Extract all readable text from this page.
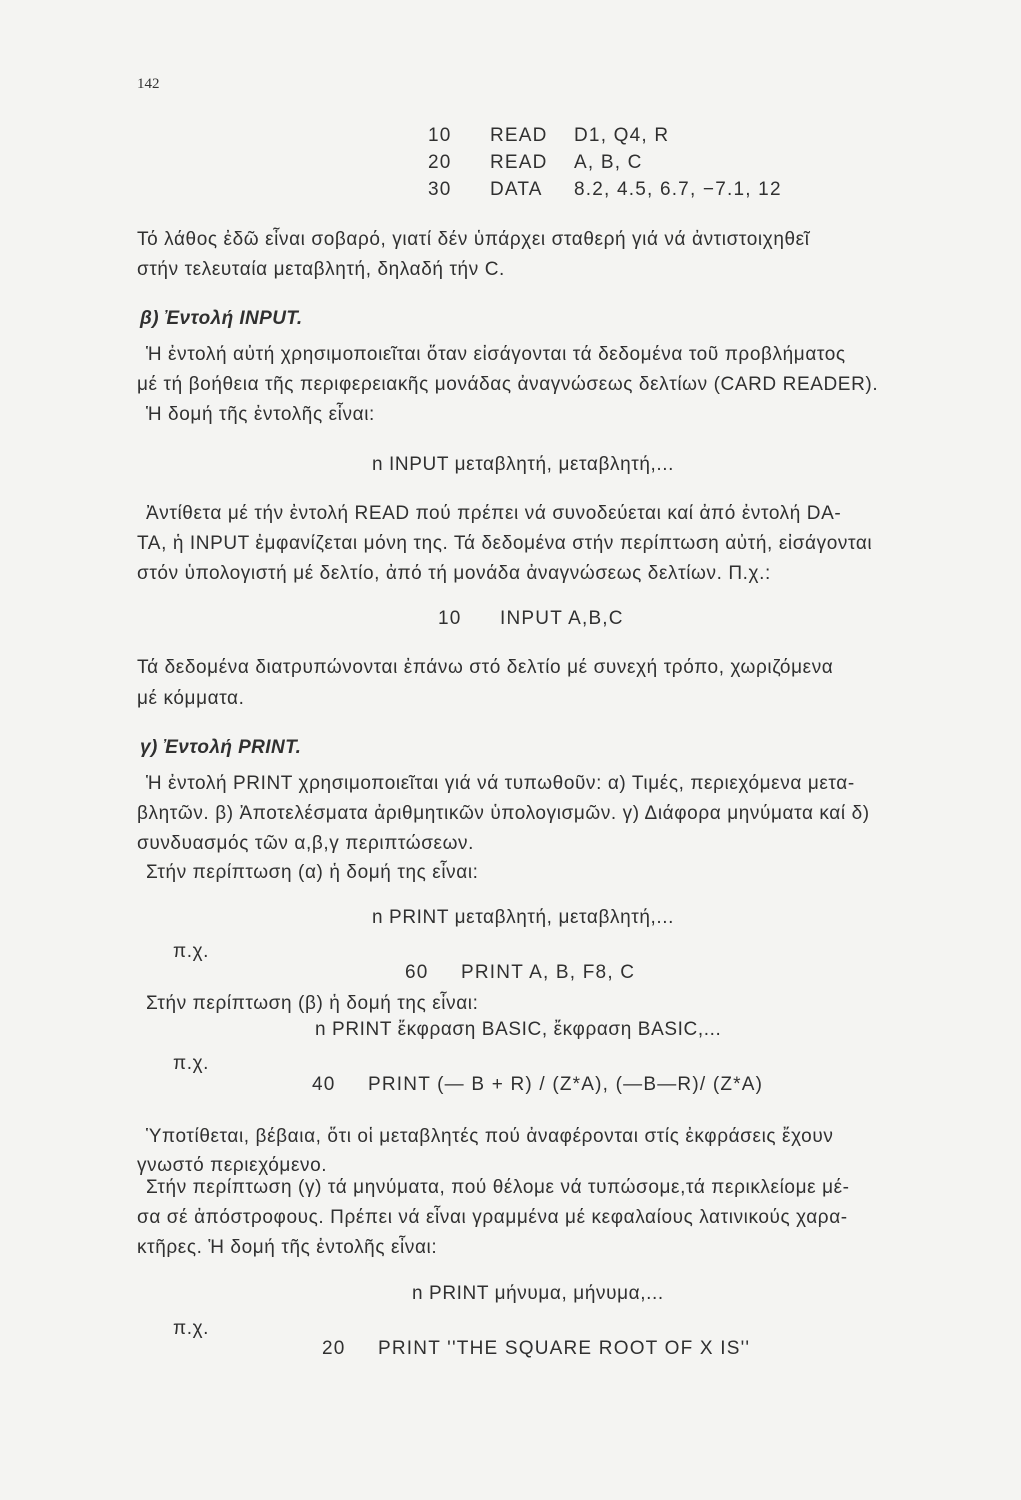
142
10 READ D1, Q4, R
20 READ A, B, C
30 DATA 8.2, 4.5, 6.7, −7.1, 12
Τό λάθος ἐδῶ εἶναι σοβαρό, γιατί δέν ὑπάρχει σταθερή γιά νά ἀντιστοιχηθεῖ
στήν τελευταία μεταβλητή, δηλαδή τήν C.
β) Ἐντολή INPUT.
Ἡ ἐντολή αὐτή χρησιμοποιεῖται ὅταν εἰσάγονται τά δεδομένα τοῦ προβλήματος
μέ τή βοήθεια τῆς περιφερειακῆς μονάδας ἀναγνώσεως δελτίων (CARD READER).
Ἡ δομή τῆς ἐντολῆς εἶναι:
n INPUT μεταβλητή, μεταβλητή,...
Ἀντίθετα μέ τήν ἐντολή READ πού πρέπει νά συνοδεύεται καί ἀπό ἐντολή DA-
TA, ἡ INPUT ἐμφανίζεται μόνη της. Τά δεδομένα στήν περίπτωση αὐτή, εἰσάγονται
στόν ὑπολογιστή μέ δελτίο, ἀπό τή μονάδα ἀναγνώσεως δελτίων. Π.χ.:
10 INPUT A,B,C
Τά δεδομένα διατρυπώνονται ἐπάνω στό δελτίο μέ συνεχή τρόπο, χωριζόμενα
μέ κόμματα.
γ) Ἐντολή PRINT.
Ἡ ἐντολή PRINT χρησιμοποιεῖται γιά νά τυπωθοῦν: α) Τιμές, περιεχόμενα μετα-
βλητῶν. β) Ἀποτελέσματα ἀριθμητικῶν ὑπολογισμῶν. γ) Διάφορα μηνύματα καί δ)
συνδυασμός τῶν α,β,γ περιπτώσεων.
Στήν περίπτωση (α) ἡ δομή της εἶναι:
n PRINT μεταβλητή, μεταβλητή,...
π.χ.
60 PRINT A, B, F8, C
Στήν περίπτωση (β) ἡ δομή της εἶναι:
n PRINT ἔκφραση BASIC, ἔκφραση BASIC,...
π.χ.
40 PRINT (— B + R) / (Z*A), (—B—R)/ (Z*A)
Ὑποτίθεται, βέβαια, ὅτι οἱ μεταβλητές πού ἀναφέρονται στίς ἐκφράσεις ἔχουν
γνωστό περιεχόμενο.
Στήν περίπτωση (γ) τά μηνύματα, πού θέλομε νά τυπώσομε,τά περικλείομε μέ-
σα σέ ἀπόστροφους. Πρέπει νά εἶναι γραμμένα μέ κεφαλαίους λατινικούς χαρα-
κτῆρες. Ἡ δομή τῆς ἐντολῆς εἶναι:
n PRINT μήνυμα, μήνυμα,...
π.χ.
20 PRINT ''THE SQUARE ROOT OF X IS''
